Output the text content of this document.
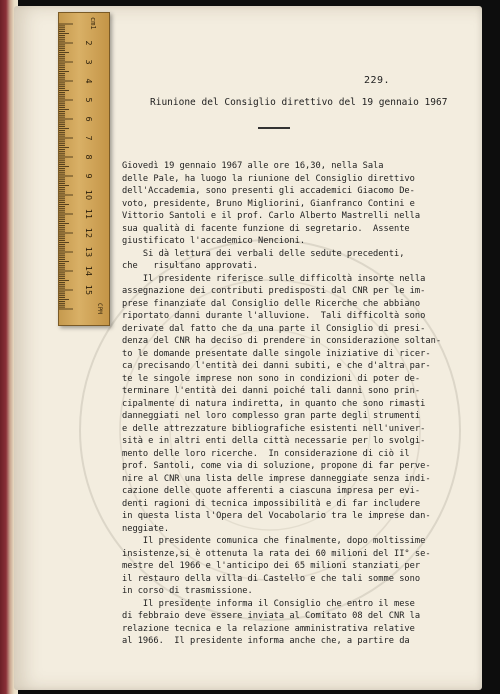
229.
Riunione del Consiglio direttivo del 19 gennaio 1967
Giovedì 19 gennaio 1967 alle ore 16,30, nella Sala
delle Pale, ha luogo la riunione del Consiglio direttivo
dell'Accademia, sono presenti gli accademici Giacomo De-
voto, presidente, Bruno Migliorini, Gianfranco Contini e
Vittorio Santoli e il prof. Carlo Alberto Mastrelli nella
sua qualità di facente funzione di segretario.  Assente
giustificato l'accademico Nencioni.
Si dà lettura dei verbali delle sedute precedenti,
che   risultano approvati.
Il presidente riferisce sulle difficoltà insorte nella
assegnazione dei contributi predisposti dal CNR per le im-
prese finanziate dal Consiglio delle Ricerche che abbiano
riportato danni durante l'alluvione.  Tali difficoltà sono
derivate dal fatto che da una parte il Consiglio di presi-
denza del CNR ha deciso di prendere in considerazione soltan-
to le domande presentate dalle singole iniziative di ricer-
ca precisando l'entità dei danni subiti, e che d'altra par-
te le singole imprese non sono in condizioni di poter de-
terminare l'entità dei danni poiché tali danni sono prin-
cipalmente di natura indiretta, in quanto che sono rimasti
danneggiati nel loro complesso gran parte degli strumenti
e delle attrezzature bibliografiche esistenti nell'univer-
sità e in altri enti della città necessarie per lo svolgi-
mento delle loro ricerche.  In considerazione di ciò il
prof. Santoli, come via di soluzione, propone di far perve-
nire al CNR una lista delle imprese danneggiate senza indi-
cazione delle quote afferenti a ciascuna impresa per evi-
denti ragioni di tecnica impossibilità e di far includere
in questa lista l'Opera del Vocabolario tra le imprese dan-
neggiate.
Il presidente comunica che finalmente, dopo moltissime
insistenze,si è ottenuta la rata dei 60 milioni del II° se-
mestre del 1966 e l'anticipo dei 65 milioni stanziati per
il restauro della villa di Castello e che tali somme sono
in corso di trasmissione.
Il presidente informa il Consiglio che entro il mese
di febbraio deve essere inviata al Comitato 08 del CNR la
relazione tecnica e la relazione amministrativa relative
al 1966.  Il presidente informa anche che, a partire da
2
3
4
5
6
7
8
9
10
11
12
13
14
15
cm1
CPM
